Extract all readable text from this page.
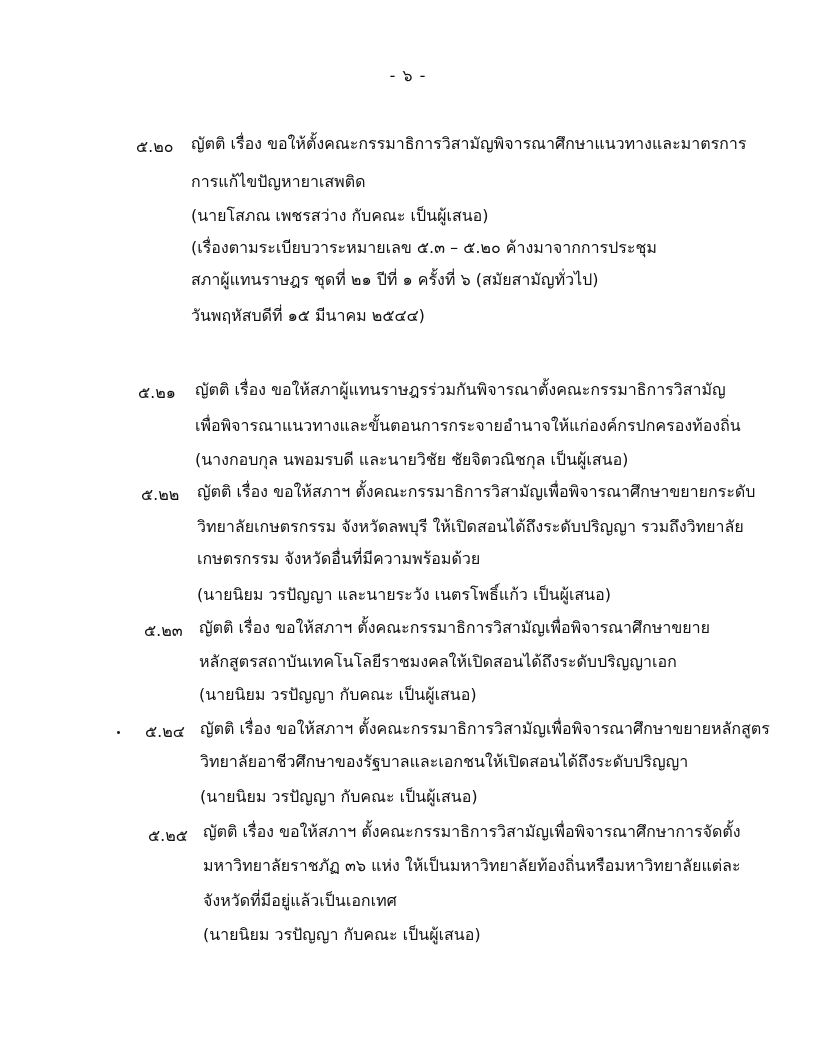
- ๖ -
๕.๒๐ ญัตติ เรื่อง ขอให้ตั้งคณะกรรมาธิการวิสามัญพิจารณาศึกษาแนวทางและมาตรการ
การแก้ไขปัญหายาเสพติด
(นายโสภณ เพชรสว่าง กับคณะ เป็นผู้เสนอ)
(เรื่องตามระเบียบวาระหมายเลข ๕.๓ – ๕.๒๐ ค้างมาจากการประชุม
สภาผู้แทนราษฎร ชุดที่ ๒๑ ปีที่ ๑ ครั้งที่ ๖ (สมัยสามัญทั่วไป)
วันพฤหัสบดีที่ ๑๕ มีนาคม ๒๕๔๔)
๕.๒๑ ญัตติ เรื่อง ขอให้สภาผู้แทนราษฎรร่วมกันพิจารณาตั้งคณะกรรมาธิการวิสามัญ
เพื่อพิจารณาแนวทางและขั้นตอนการกระจายอำนาจให้แก่องค์กรปกครองท้องถิ่น
(นางกอบกุล นพอมรบดี และนายวิชัย ชัยจิตวณิชกุล เป็นผู้เสนอ)
๕.๒๒ ญัตติ เรื่อง ขอให้สภาฯ ตั้งคณะกรรมาธิการวิสามัญเพื่อพิจารณาศึกษาขยายกระดับ
วิทยาลัยเกษตรกรรม จังหวัดลพบุรี ให้เปิดสอนได้ถึงระดับปริญญา รวมถึงวิทยาลัย
เกษตรกรรม จังหวัดอื่นที่มีความพร้อมด้วย
(นายนิยม วรปัญญา และนายระวัง เนตรโพธิ์แก้ว เป็นผู้เสนอ)
๕.๒๓ ญัตติ เรื่อง ขอให้สภาฯ ตั้งคณะกรรมาธิการวิสามัญเพื่อพิจารณาศึกษาขยาย
หลักสูตรสถาบันเทคโนโลยีราชมงคลให้เปิดสอนได้ถึงระดับปริญญาเอก
(นายนิยม วรปัญญา กับคณะ เป็นผู้เสนอ)
๕.๒๔ ญัตติ เรื่อง ขอให้สภาฯ ตั้งคณะกรรมาธิการวิสามัญเพื่อพิจารณาศึกษาขยายหลักสูตร
วิทยาลัยอาชีวศึกษาของรัฐบาลและเอกชนให้เปิดสอนได้ถึงระดับปริญญา
(นายนิยม วรปัญญา กับคณะ เป็นผู้เสนอ)
๕.๒๕ ญัตติ เรื่อง ขอให้สภาฯ ตั้งคณะกรรมาธิการวิสามัญเพื่อพิจารณาศึกษาการจัดตั้ง
มหาวิทยาลัยราชภัฏ ๓๖ แห่ง ให้เป็นมหาวิทยาลัยท้องถิ่นหรือมหาวิทยาลัยแต่ละ
จังหวัดที่มีอยู่แล้วเป็นเอกเทศ
(นายนิยม วรปัญญา กับคณะ เป็นผู้เสนอ)
